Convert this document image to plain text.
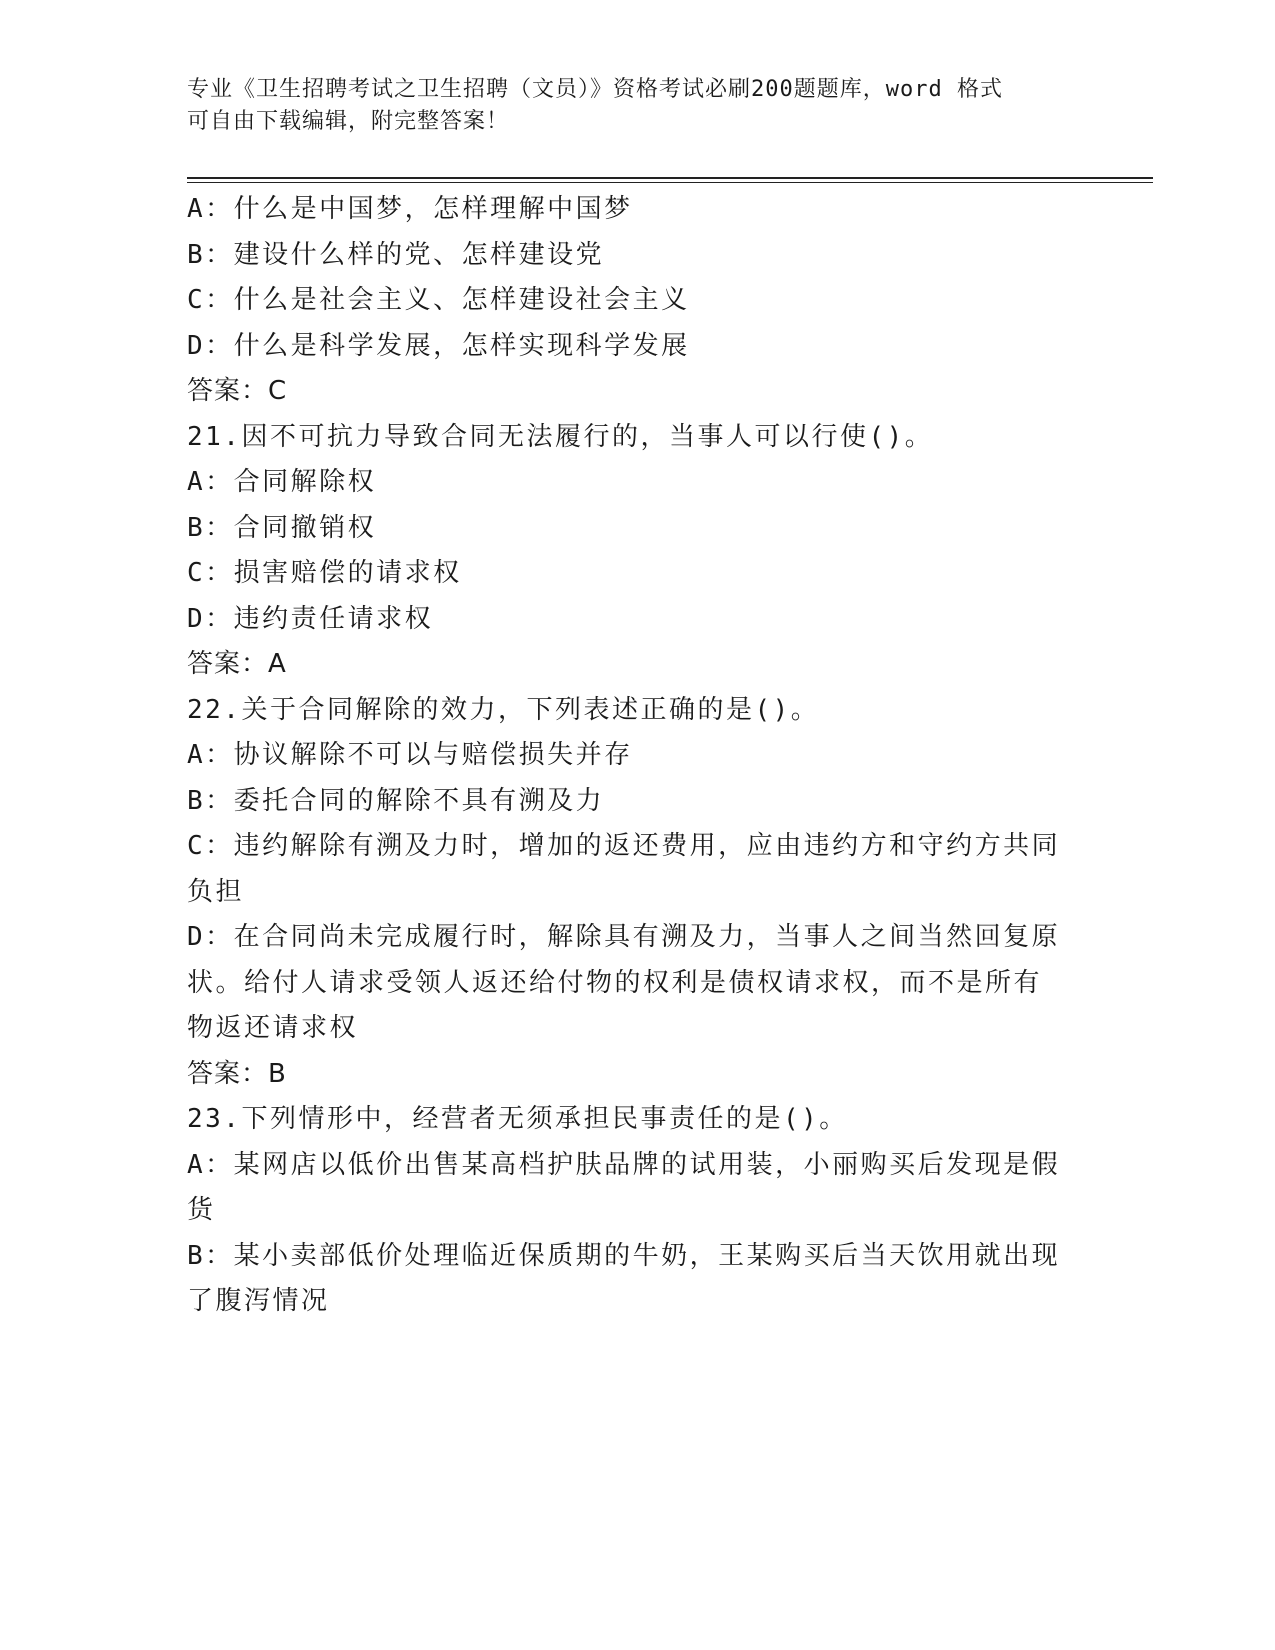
专业《卫生招聘考试之卫生招聘（文员）》资格考试必刷200题题库，word 格式

可自由下载编辑，附完整答案！

A：什么是中国梦，怎样理解中国梦
B：建设什么样的党、怎样建设党
C：什么是社会主义、怎样建设社会主义
D：什么是科学发展，怎样实现科学发展
答案：C
21.因不可抗力导致合同无法履行的，当事人可以行使()。
A：合同解除权
B：合同撤销权
C：损害赔偿的请求权
D：违约责任请求权
答案：A
22.关于合同解除的效力，下列表述正确的是()。
A：协议解除不可以与赔偿损失并存
B：委托合同的解除不具有溯及力
C：违约解除有溯及力时，增加的返还费用，应由违约方和守约方共同
负担
D：在合同尚未完成履行时，解除具有溯及力，当事人之间当然回复原
状。给付人请求受领人返还给付物的权利是债权请求权，而不是所有
物返还请求权
答案：B
23.下列情形中，经营者无须承担民事责任的是()。
A：某网店以低价出售某高档护肤品牌的试用装，小丽购买后发现是假
货
B：某小卖部低价处理临近保质期的牛奶，王某购买后当天饮用就出现
了腹泻情况
